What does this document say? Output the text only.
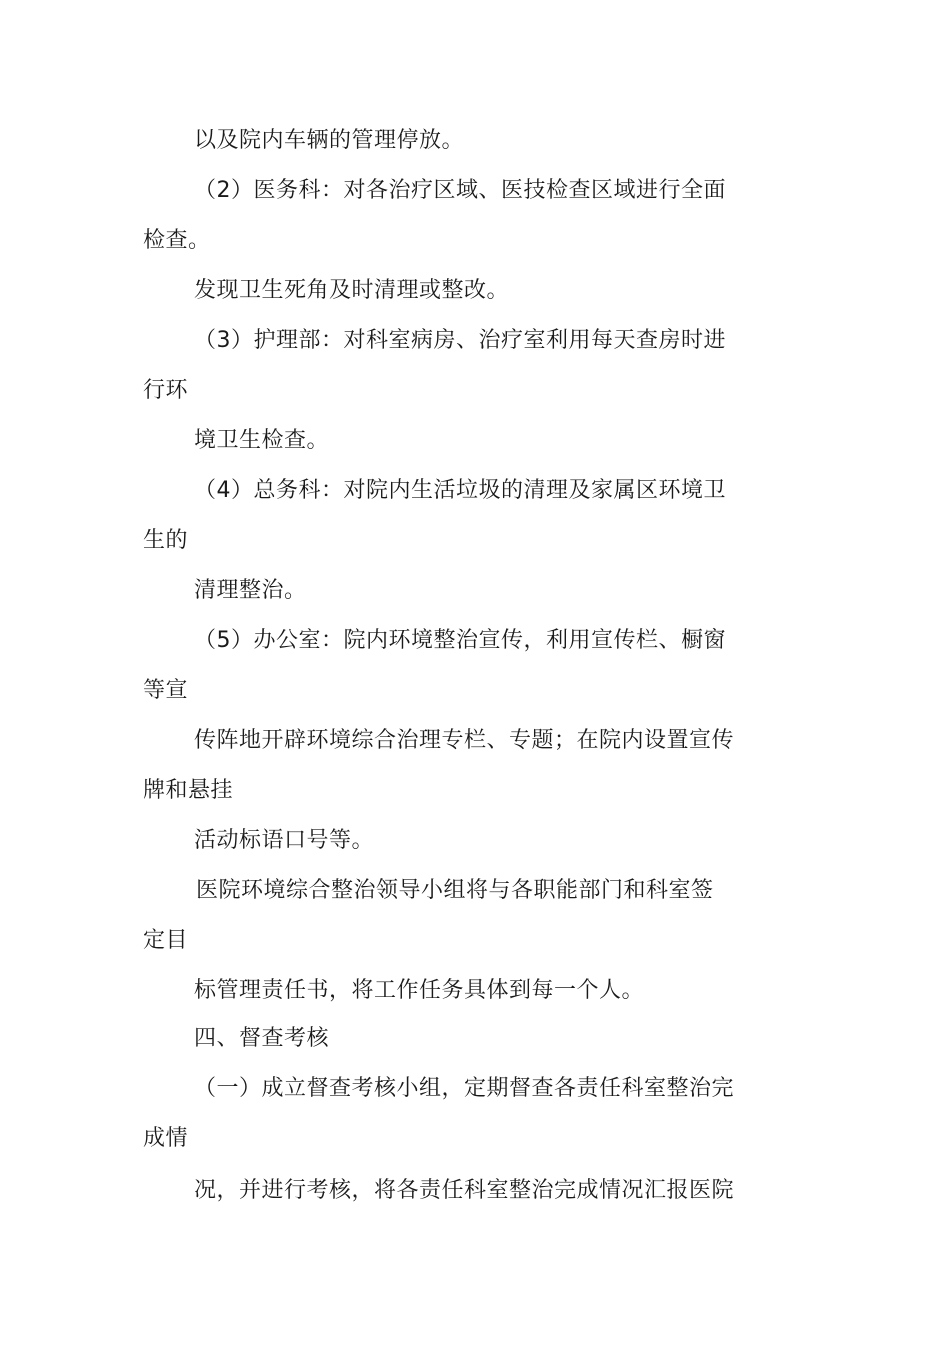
以及院内车辆的管理停放。
（2）医务科：对各治疗区域、医技检查区域进行全面
检查。
发现卫生死角及时清理或整改。
（3）护理部：对科室病房、治疗室利用每天查房时进
行环
境卫生检查。
（4）总务科：对院内生活垃圾的清理及家属区环境卫
生的
清理整治。
（5）办公室：院内环境整治宣传，利用宣传栏、橱窗
等宣
传阵地开辟环境综合治理专栏、专题；在院内设置宣传
牌和悬挂
活动标语口号等。
医院环境综合整治领导小组将与各职能部门和科室签
定目
标管理责任书，将工作任务具体到每一个人。
四、督查考核
（一）成立督查考核小组，定期督查各责任科室整治完
成情
况，并进行考核，将各责任科室整治完成情况汇报医院
